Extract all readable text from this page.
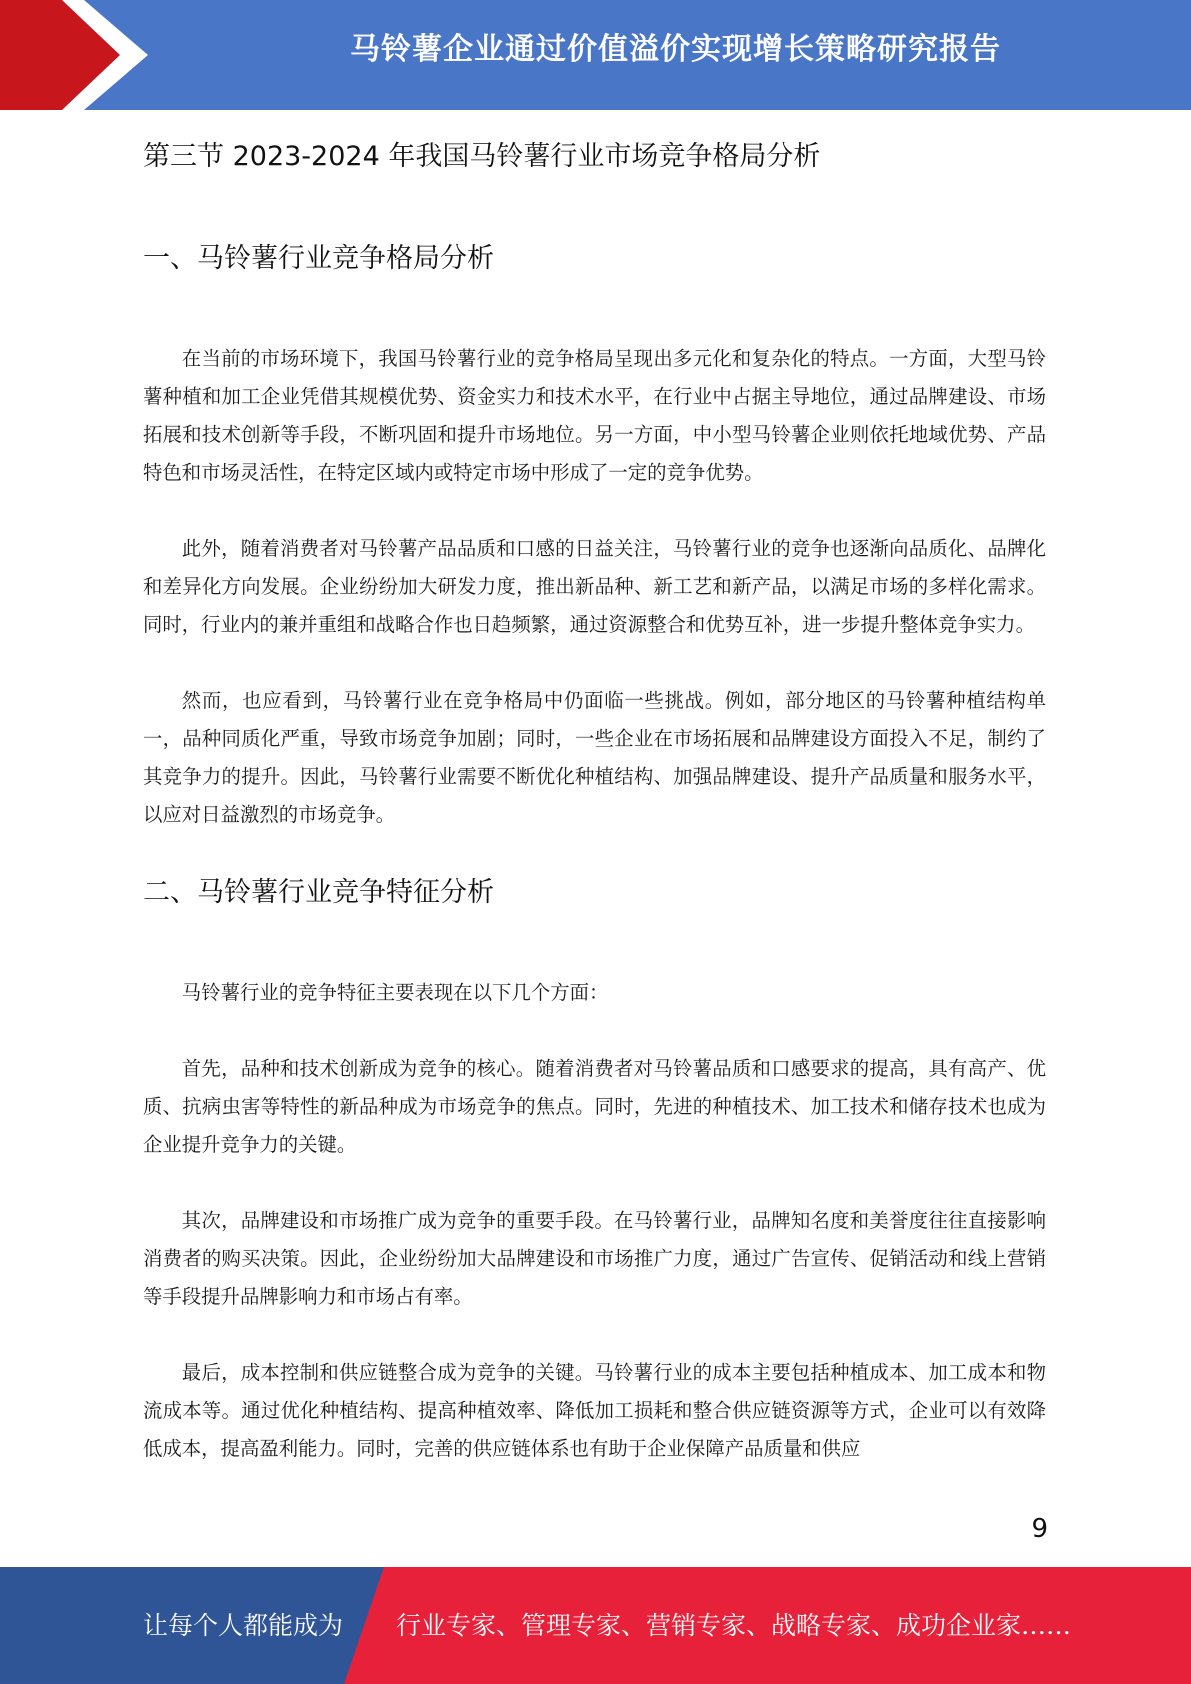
马铃薯企业通过价值溢价实现增长策略研究报告
第三节 2023-2024 年我国马铃薯行业市场竞争格局分析
一、马铃薯行业竞争格局分析

在当前的市场环境下，我国马铃薯行业的竞争格局呈现出多元化和复杂化的特点。一方面，大型马铃薯种植和加工企业凭借其规模优势、资金实力和技术水平，在行业中占据主导地位，通过品牌建设、市场拓展和技术创新等手段，不断巩固和提升市场地位。另一方面，中小型马铃薯企业则依托地域优势、产品特色和市场灵活性，在特定区域内或特定市场中形成了一定的竞争优势。

此外，随着消费者对马铃薯产品品质和口感的日益关注，马铃薯行业的竞争也逐渐向品质化、品牌化和差异化方向发展。企业纷纷加大研发力度，推出新品种、新工艺和新产品，以满足市场的多样化需求。同时，行业内的兼并重组和战略合作也日趋频繁，通过资源整合和优势互补，进一步提升整体竞争实力。

然而，也应看到，马铃薯行业在竞争格局中仍面临一些挑战。例如，部分地区的马铃薯种植结构单一，品种同质化严重，导致市场竞争加剧；同时，一些企业在市场拓展和品牌建设方面投入不足，制约了其竞争力的提升。因此，马铃薯行业需要不断优化种植结构、加强品牌建设、提升产品质量和服务水平，以应对日益激烈的市场竞争。

二、马铃薯行业竞争特征分析

马铃薯行业的竞争特征主要表现在以下几个方面：

首先，品种和技术创新成为竞争的核心。随着消费者对马铃薯品质和口感要求的提高，具有高产、优质、抗病虫害等特性的新品种成为市场竞争的焦点。同时，先进的种植技术、加工技术和储存技术也成为企业提升竞争力的关键。

其次，品牌建设和市场推广成为竞争的重要手段。在马铃薯行业，品牌知名度和美誉度往往直接影响消费者的购买决策。因此，企业纷纷加大品牌建设和市场推广力度，通过广告宣传、促销活动和线上营销等手段提升品牌影响力和市场占有率。

最后，成本控制和供应链整合成为竞争的关键。马铃薯行业的成本主要包括种植成本、加工成本和物流成本等。通过优化种植结构、提高种植效率、降低加工损耗和整合供应链资源等方式，企业可以有效降低成本，提高盈利能力。同时，完善的供应链体系也有助于企业保障产品质量和供应

9
让每个人都能成为 行业专家、管理专家、营销专家、战略专家、成功企业家……
